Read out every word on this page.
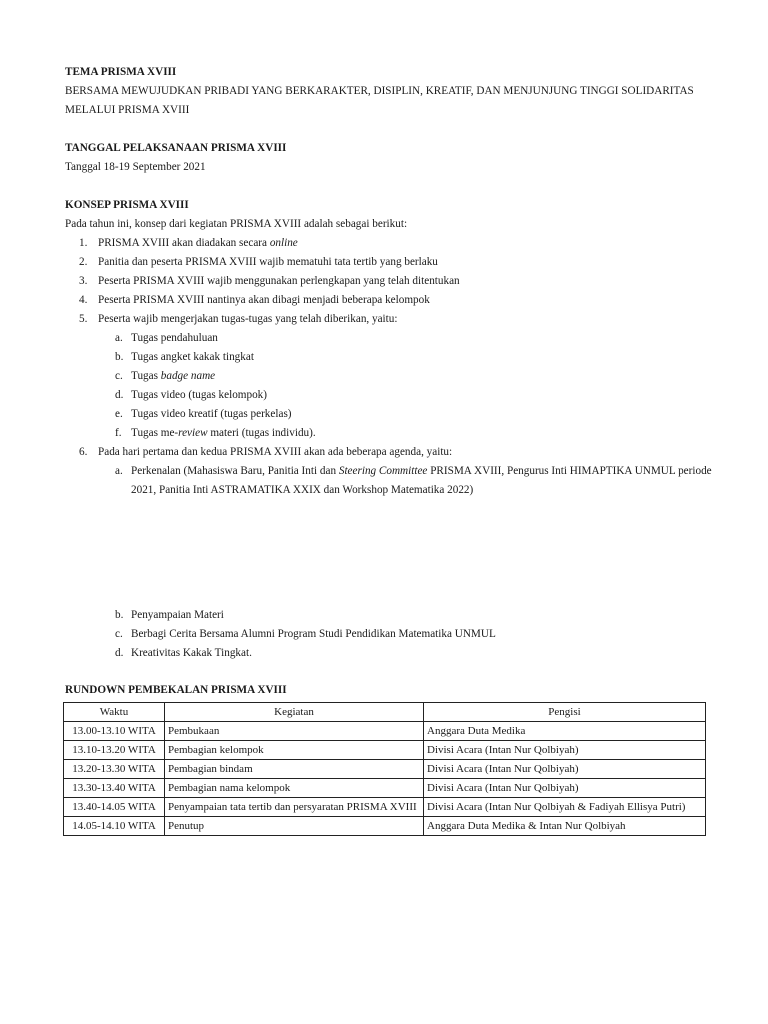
TEMA PRISMA XVIII
BERSAMA MEWUJUDKAN PRIBADI YANG BERKARAKTER, DISIPLIN, KREATIF, DAN MENJUNJUNG TINGGI SOLIDARITAS
MELALUI PRISMA XVIII
TANGGAL PELAKSANAAN PRISMA XVIII
Tanggal 18-19 September 2021
KONSEP PRISMA XVIII
Pada tahun ini, konsep dari kegiatan PRISMA XVIII adalah sebagai berikut:
1. PRISMA XVIII akan diadakan secara online
2. Panitia dan peserta PRISMA XVIII wajib mematuhi tata tertib yang berlaku
3. Peserta PRISMA XVIII wajib menggunakan perlengkapan yang telah ditentukan
4. Peserta PRISMA XVIII nantinya akan dibagi menjadi beberapa kelompok
5. Peserta wajib mengerjakan tugas-tugas yang telah diberikan, yaitu:
a. Tugas pendahuluan
b. Tugas angket kakak tingkat
c. Tugas badge name
d. Tugas video (tugas kelompok)
e. Tugas video kreatif (tugas perkelas)
f. Tugas me-review materi (tugas individu).
6. Pada hari pertama dan kedua PRISMA XVIII akan ada beberapa agenda, yaitu:
a. Perkenalan (Mahasiswa Baru, Panitia Inti dan Steering Committee PRISMA XVIII, Pengurus Inti HIMAPTIKA UNMUL periode
2021, Panitia Inti ASTRAMATIKA XXIX dan Workshop Matematika 2022)
b. Penyampaian Materi
c. Berbagi Cerita Bersama Alumni Program Studi Pendidikan Matematika UNMUL
d. Kreativitas Kakak Tingkat.
RUNDOWN PEMBEKALAN PRISMA XVIII
Waktu	Kegiatan	Pengisi
13.00-13.10 WITA	Pembukaan	Anggara Duta Medika
13.10-13.20 WITA	Pembagian kelompok	Divisi Acara (Intan Nur Qolbiyah)
13.20-13.30 WITA	Pembagian bindam	Divisi Acara (Intan Nur Qolbiyah)
13.30-13.40 WITA	Pembagian nama kelompok	Divisi Acara (Intan Nur Qolbiyah)
13.40-14.05 WITA	Penyampaian tata tertib dan persyaratan PRISMA XVIII	Divisi Acara (Intan Nur Qolbiyah & Fadiyah Ellisya Putri)
14.05-14.10 WITA	Penutup	Anggara Duta Medika & Intan Nur Qolbiyah
